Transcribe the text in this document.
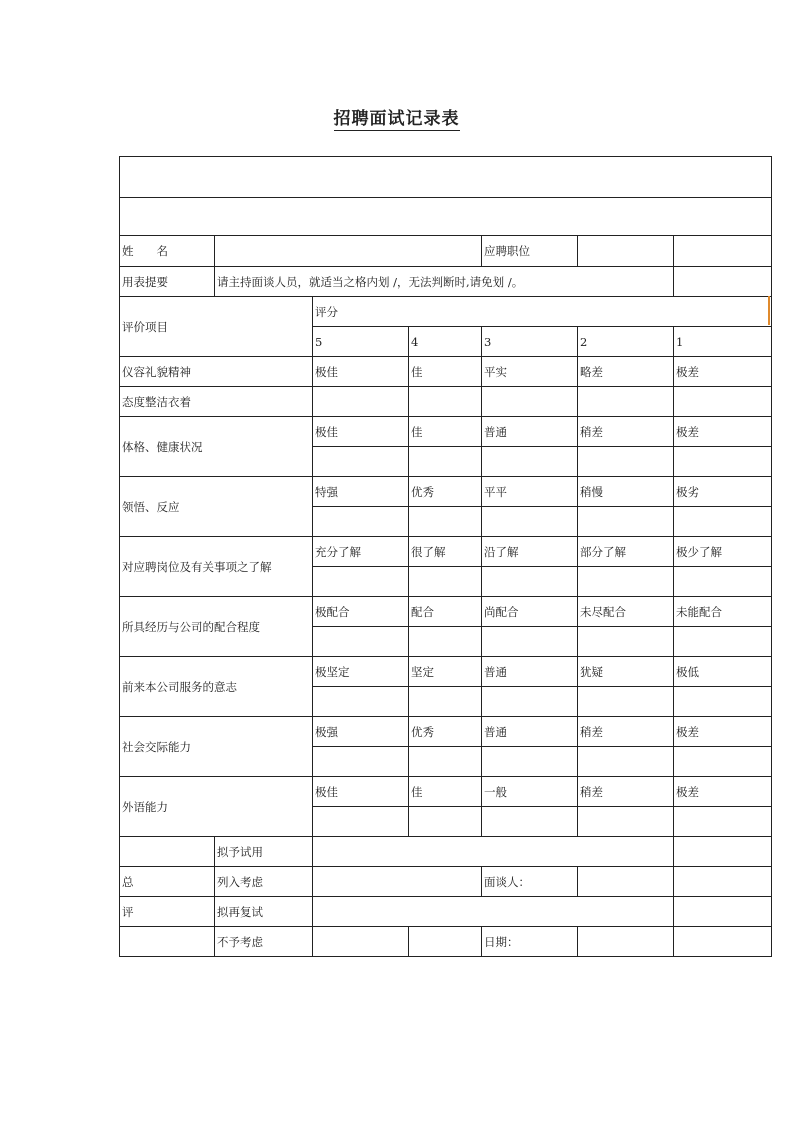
招聘面试记录表

姓　　名				应聘职位		
用表提要	请主持面谈人员，就适当之格内划 /，无法判断时,请免划 /。					
评价项目		评分				
		5	4	3	2	1
仪容礼貌精神		极佳	佳	平实	略差	极差
态度整洁衣着						
体格、健康状况		极佳	佳	普通	稍差	极差

领悟、反应		特强	优秀	平平	稍慢	极劣

对应聘岗位及有关事项之了解		充分了解	很了解	沿了解	部分了解	极少了解

所具经历与公司的配合程度		极配合	配合	尚配合	未尽配合	未能配合

前来本公司服务的意志		极坚定	坚定	普通	犹疑	极低

社会交际能力		极强	优秀	普通	稍差	极差

外语能力		极佳	佳	一般	稍差	极差

	拟予试用					
总	列入考虑			面谈人：		
评	拟再复试					
	不予考虑			日期：		
